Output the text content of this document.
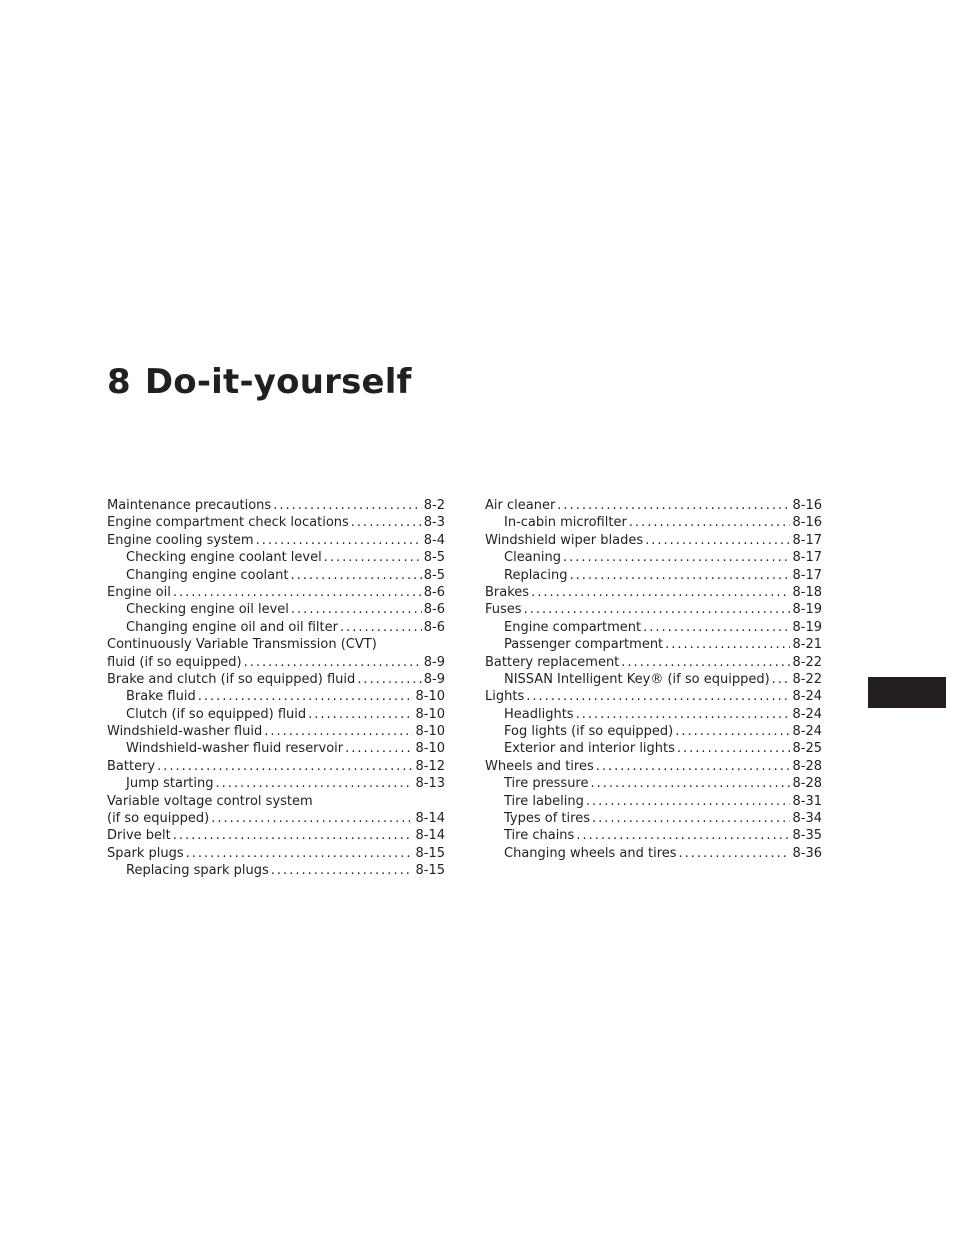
8 Do-it-yourself
Maintenance precautions .....	8-2
Engine compartment check locations .....	8-3
Engine cooling system .....	8-4
Checking engine coolant level .....	8-5
Changing engine coolant .....	8-5
Engine oil .....	8-6
Checking engine oil level .....	8-6
Changing engine oil and oil filter .....	8-6
Continuously Variable Transmission (CVT)
fluid (if so equipped) .....	8-9
Brake and clutch (if so equipped) fluid .....	8-9
Brake fluid .....	8-10
Clutch (if so equipped) fluid .....	8-10
Windshield-washer fluid .....	8-10
Windshield-washer fluid reservoir .....	8-10
Battery .....	8-12
Jump starting .....	8-13
Variable voltage control system
(if so equipped) .....	8-14
Drive belt .....	8-14
Spark plugs .....	8-15
Replacing spark plugs .....	8-15
Air cleaner .....	8-16
In-cabin microfilter .....	8-16
Windshield wiper blades .....	8-17
Cleaning .....	8-17
Replacing .....	8-17
Brakes .....	8-18
Fuses .....	8-19
Engine compartment .....	8-19
Passenger compartment .....	8-21
Battery replacement .....	8-22
NISSAN Intelligent Key® (if so equipped) ..... 8-22
Lights .....	8-24
Headlights .....	8-24
Fog lights (if so equipped) .....	8-24
Exterior and interior lights .....	8-25
Wheels and tires .....	8-28
Tire pressure .....	8-28
Tire labeling .....	8-31
Types of tires .....	8-34
Tire chains .....	8-35
Changing wheels and tires .....	8-36
